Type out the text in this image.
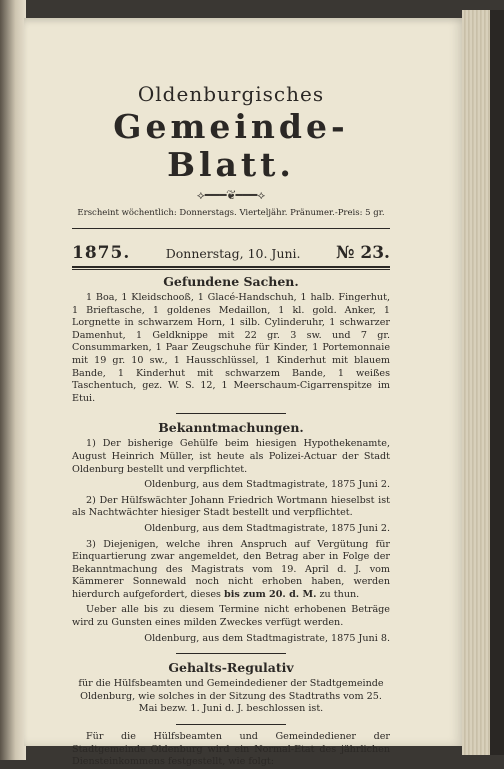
Oldenburgisches
Gemeinde-Blatt.
⟡━━━❦━━━⟡
Erscheint wöchentlich: Donnerstags. Vierteljähr. Pränumer.-Preis: 5 gr.
1875.	Donnerstag, 10. Juni. № 23.
Gefundene Sachen.

1 Boa, 1 Kleidschooß, 1 Glacé-Handschuh, 1 halb. Fingerhut, 1 Brieftasche, 1 goldenes Medaillon, 1 kl. gold. Anker, 1 Lorgnette in schwarzem Horn, 1 silb. Cylinderuhr, 1 schwarzer Damenhut, 1 Geldknippe mit 22 gr. 3 sw. und 7 gr. Consummarken, 1 Paar Zeugschuhe für Kinder, 1 Portemonnaie mit 19 gr. 10 sw., 1 Hausschlüssel, 1 Kinderhut mit blauem Bande, 1 Kinderhut mit schwarzem Bande, 1 weißes Taschentuch, gez. W. S. 12, 1 Meerschaum-Cigarrenspitze im Etui.

Bekanntmachungen.

1) Der bisherige Gehülfe beim hiesigen Hypothekenamte, August Heinrich Müller, ist heute als Polizei-Actuar der Stadt Oldenburg bestellt und verpflichtet.

Oldenburg, aus dem Stadtmagistrate, 1875 Juni 2.

2) Der Hülfswächter Johann Friedrich Wortmann hieselbst ist als Nachtwächter hiesiger Stadt bestellt und verpflichtet.

Oldenburg, aus dem Stadtmagistrate, 1875 Juni 2.

3) Diejenigen, welche ihren Anspruch auf Vergütung für Einquartierung zwar angemeldet, den Betrag aber in Folge der Bekanntmachung des Magistrats vom 19. April d. J. vom Kämmerer Sonnewald noch nicht erhoben haben, werden hierdurch aufgefordert, dieses bis zum 20. d. M. zu thun.

Ueber alle bis zu diesem Termine nicht erhobenen Beträge wird zu Gunsten eines milden Zweckes verfügt werden.

Oldenburg, aus dem Stadtmagistrate, 1875 Juni 8.

Gehalts-Regulativ

für die Hülfsbeamten und Gemeindediener der Stadtgemeinde Oldenburg, wie solches in der Sitzung des Stadtraths vom 25. Mai bezw. 1. Juni d. J. beschlossen ist.

Für die Hülfsbeamten und Gemeindediener der Stadtgemeinde Oldenburg wird ein Normal-Etat des jährlichen Diensteinkommens festgestellt, wie folgt:
